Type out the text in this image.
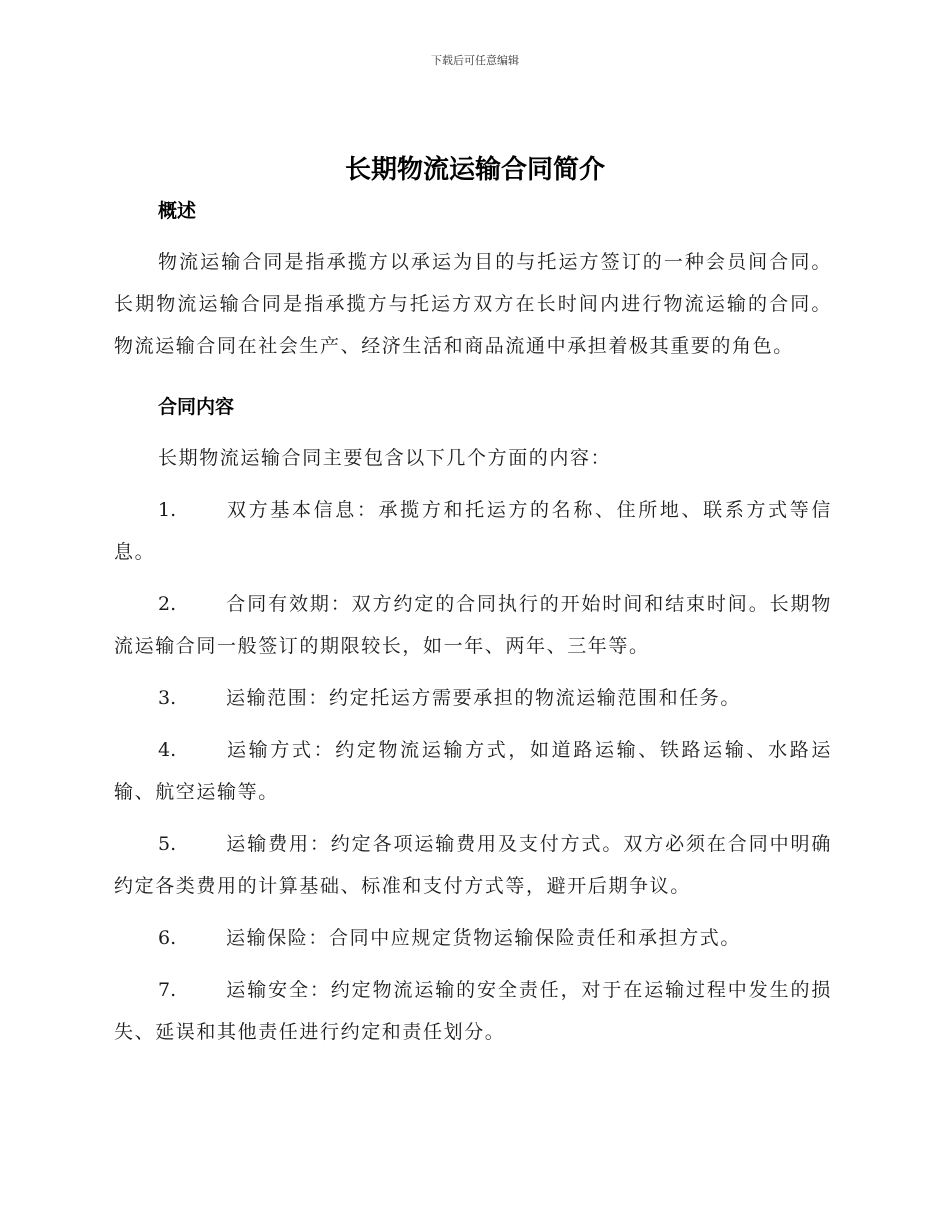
下载后可任意编辑
长期物流运输合同简介

概述

物流运输合同是指承揽方以承运为目的与托运方签订的一种会员间合同。长期物流运输合同是指承揽方与托运方双方在长时间内进行物流运输的合同。物流运输合同在社会生产、经济生活和商品流通中承担着极其重要的角色。

合同内容

长期物流运输合同主要包含以下几个方面的内容：

1.	双方基本信息：承揽方和托运方的名称、住所地、联系方式等信息。

2.	合同有效期：双方约定的合同执行的开始时间和结束时间。长期物流运输合同一般签订的期限较长，如一年、两年、三年等。

3.	运输范围：约定托运方需要承担的物流运输范围和任务。

4.	运输方式：约定物流运输方式，如道路运输、铁路运输、水路运输、航空运输等。

5.	运输费用：约定各项运输费用及支付方式。双方必须在合同中明确约定各类费用的计算基础、标准和支付方式等，避开后期争议。

6.	运输保险：合同中应规定货物运输保险责任和承担方式。

7.	运输安全：约定物流运输的安全责任，对于在运输过程中发生的损失、延误和其他责任进行约定和责任划分。
